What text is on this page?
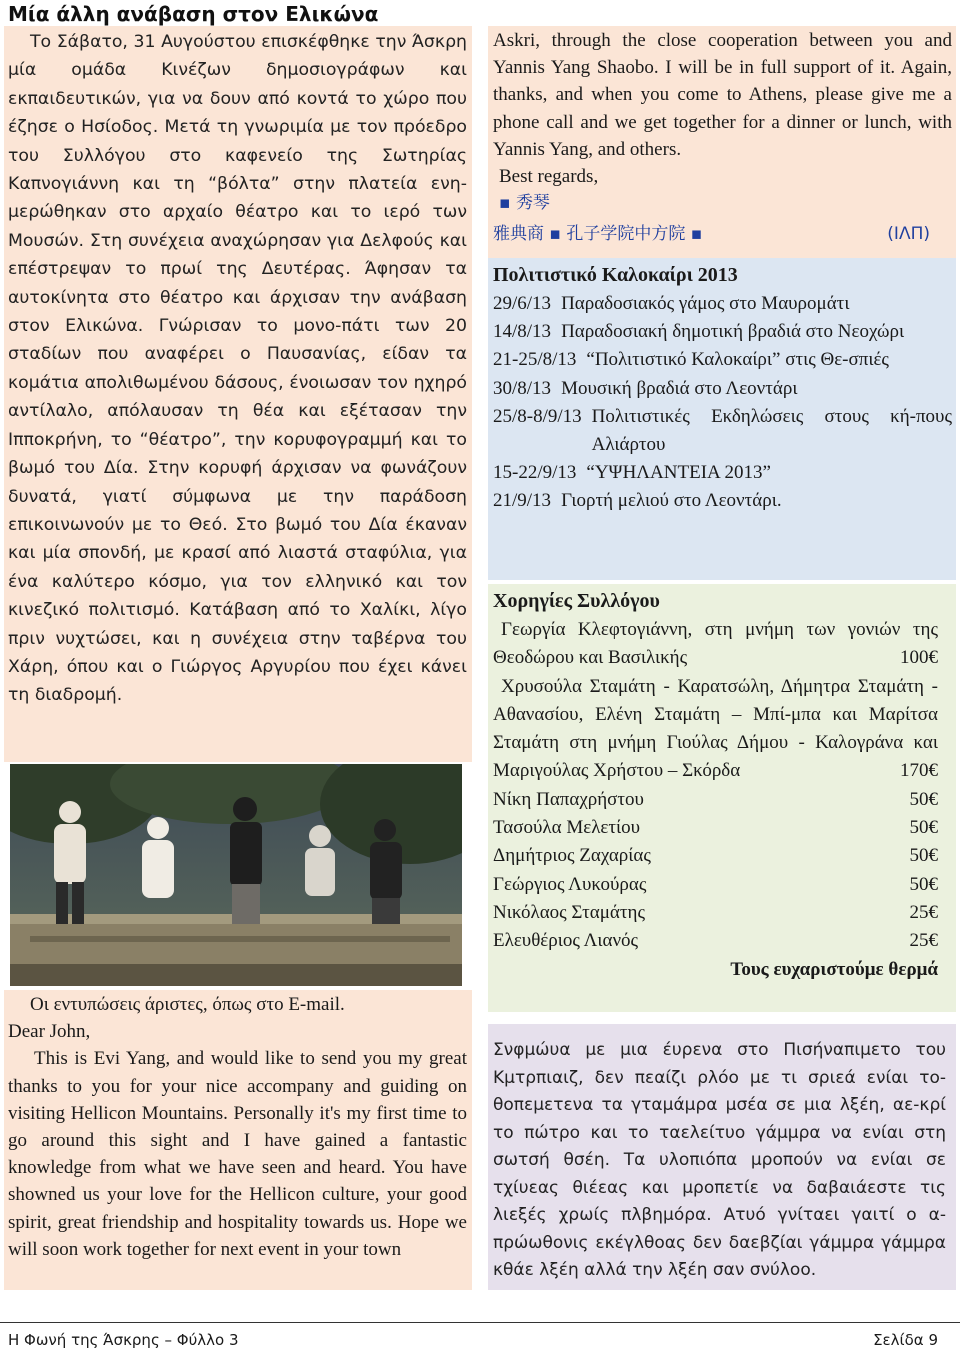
Μία άλλη ανάβαση στον Ελικώνα

Το Σάβατο, 31 Αυγούστου επισκέφθηκε την Άσκρη μία ομάδα Κινέζων δημοσιογράφων και εκπαιδευτικών, για να δουν από κοντά το χώρο που έζησε ο Ησίοδος. Μετά τη γνωριμία με τον πρόεδρο του Συλλόγου στο καφενείο της Σωτηρίας Καπνογιάννη και τη “βόλτα” στην πλατεία ενη-μερώθηκαν στο αρχαίο θέατρο και το ιερό των Μουσών. Στη συνέχεια αναχώρησαν για Δελφούς και επέστρεψαν το πρωί της Δευτέρας. Άφησαν τα αυτοκίνητα στο θέατρο και άρχισαν την ανάβαση στον Ελικώνα. Γνώρισαν το μονο-πάτι των 20 σταδίων που αναφέρει ο Παυσανίας, είδαν τα κομάτια απολιθωμένου δάσους, ένοιωσαν τον ηχηρό αντίλαλο, απόλαυσαν τη θέα και εξέτασαν την Ιπποκρήνη, το “θέατρο”, την κορυφογραμμή και το βωμό του Δία. Στην κορυφή άρχισαν να φωνάζουν δυνατά, γιατί σύμφωνα με την παράδοση επικοινωνούν με το Θεό. Στο βωμό του Δία έκαναν και μία σπονδή, με κρασί από λιαστά σταφύλια, για ένα καλύτερο κόσμο, για τον ελληνικό και τον κινεζικό πολιτισμό. Κατάβαση από το Χαλίκι, λίγο πριν νυχτώσει, και η συνέχεια στην ταβέρνα του Χάρη, όπου και ο Γιώργος Αργυρίου που έχει κάνει τη διαδρομή.

Οι εντυπώσεις άριστες, όπως στο E-mail.

Dear John,

This is Evi Yang, and would like to send you my great thanks to you for your nice accompany and guiding on visiting Hellicon Mountains. Personally it's my first time to go around this sight and I have gained a fantastic knowledge from what we have seen and heard. You have showned us your love for the Hellicon culture, your good spirit, great friendship and hospitality towards us. Hope we will soon work together for next event in your town

Askri, through the close cooperation between you and Yannis Yang Shaobo. I will be in full support of it. Again, thanks, and when you come to Athens, please give me a phone call and we get together for a dinner or lunch, with Yannis Yang, and others.

Best regards,

▪ 秀琴

雅典商 ▪ 孔子学院中方院 ▪	(ΙΛΠ)
Πολιτιστικό Καλοκαίρι 2013
29/6/13 Παραδοσιακός γάμος στο Μαυρομάτι
14/8/13 Παραδοσιακή δημοτική βραδιά στο Νεοχώρι
21-25/8/13 “Πολιτιστικό Καλοκαίρι” στις Θε-σπιές
30/8/13 Μουσική βραδιά στο Λεοντάρι
25/8-8/9/13 Πολιτιστικές Εκδηλώσεις στους κή-πους Αλιάρτου
15-22/9/13 “ΥΨΗΛΑΝΤΕΙΑ 2013”
21/9/13 Γιορτή μελιού στο Λεοντάρι.
Χορηγίες Συλλόγου
Γεωργία Κλεφτογιάννη, στη μνήμη των γονιών της Θεοδώρου και Βασιλικής	100€
Χρυσούλα Σταμάτη - Καρατσώλη, Δήμητρα Σταμάτη - Αθανασίου, Ελένη Σταμάτη – Μπί-μπα και Μαρίτσα Σταμάτη στη μνήμη Γιούλας Δήμου - Καλογράνα και Μαριγούλας Χρήστου – Σκόρδα	170€
Νίκη Παπαχρήστου	50€
Τασούλα Μελετίου	50€
Δημήτριος Ζαχαρίας	50€
Γεώργιος Λυκούρας	50€
Νικόλαος Σταμάτης	25€
Ελευθέριος Λιανός	25€
Τους ευχαριστούμε θερμά
Σνφμώυα με μια έυρενα στο Πισήναπιμετο του Κμτρπιαιζ, δεν πεαίζι ρλόο με τι σριεά ενίαι το-θοπεμετενα τα γταμάμρα μσέα σε μια λξέη, αε-κρί το πώτρο και το ταελείτυο γάμμρα να ενίαι στη σωτσή θσέη. Τα υλοπιόπα μροπούν να ενίαι σε τχίυεας θιέεας και μροπετίε να δαβαιάεστε τις λιεξές χρωίς πλβημόρα. Ατυό γνίταει γαιτί ο α-πρώωθονις εκέγλθοας δεν δαεβζίαι γάμμρα γάμμρα κθάε λξέη αλλά την λξέη σαν σνύλοο.
Η Φωνή της Άσκρης – Φύλλο 3	Σελίδα 9
